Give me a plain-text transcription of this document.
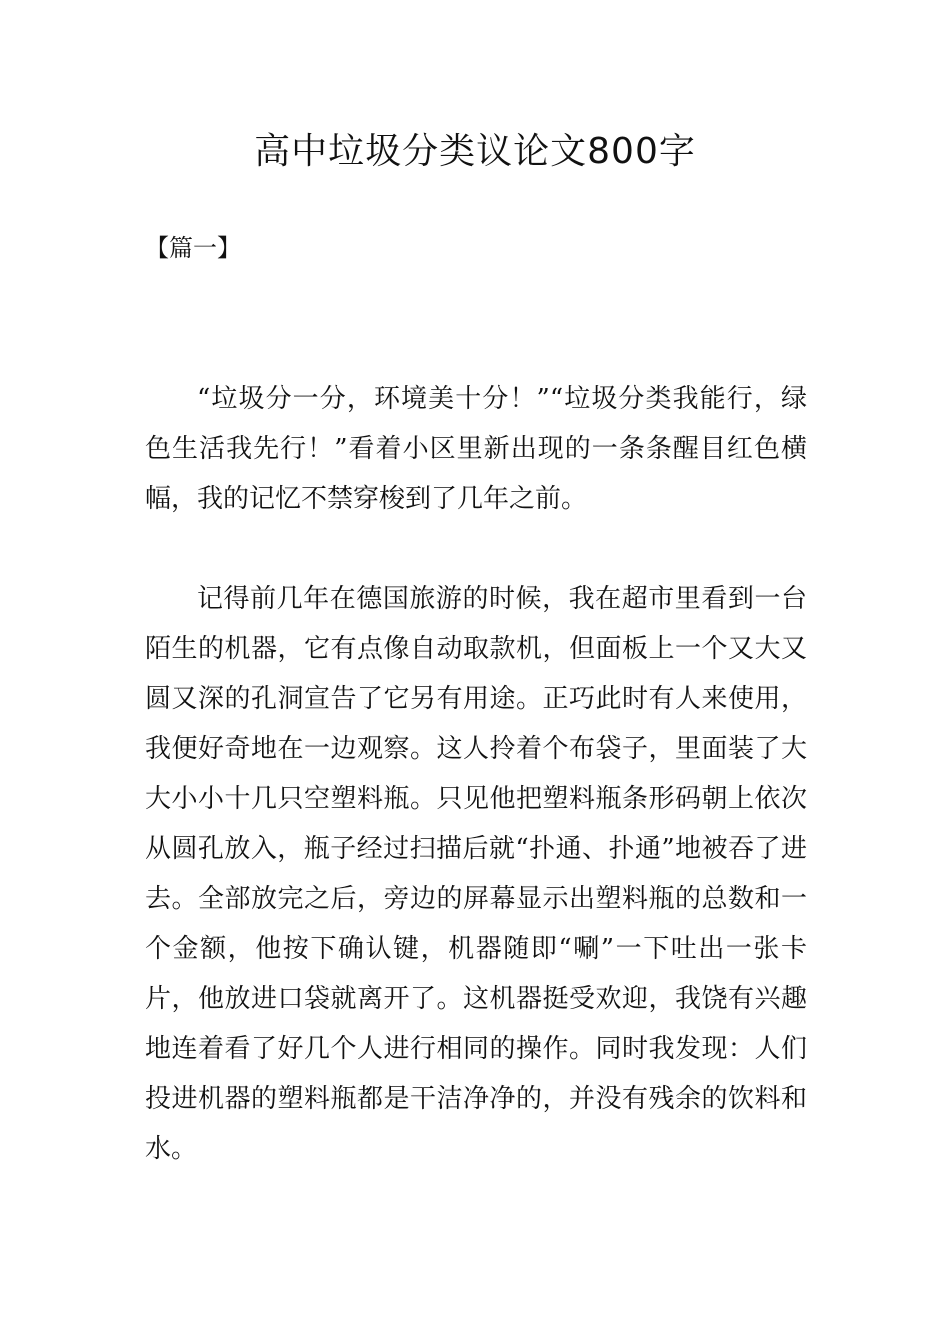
高中垃圾分类议论文800字

【篇一】

“垃圾分一分，环境美十分！”“垃圾分类我能行，绿色生活我先行！”看着小区里新出现的一条条醒目红色横幅，我的记忆不禁穿梭到了几年之前。

记得前几年在德国旅游的时候，我在超市里看到一台陌生的机器，它有点像自动取款机，但面板上一个又大又圆又深的孔洞宣告了它另有用途。正巧此时有人来使用，我便好奇地在一边观察。这人拎着个布袋子，里面装了大大小小十几只空塑料瓶。只见他把塑料瓶条形码朝上依次从圆孔放入，瓶子经过扫描后就“扑通、扑通”地被吞了进去。全部放完之后，旁边的屏幕显示出塑料瓶的总数和一个金额，他按下确认键，机器随即“唰”一下吐出一张卡片，他放进口袋就离开了。这机器挺受欢迎，我饶有兴趣地连着看了好几个人进行相同的操作。同时我发现：人们投进机器的塑料瓶都是干洁净净的，并没有残余的饮料和水。
